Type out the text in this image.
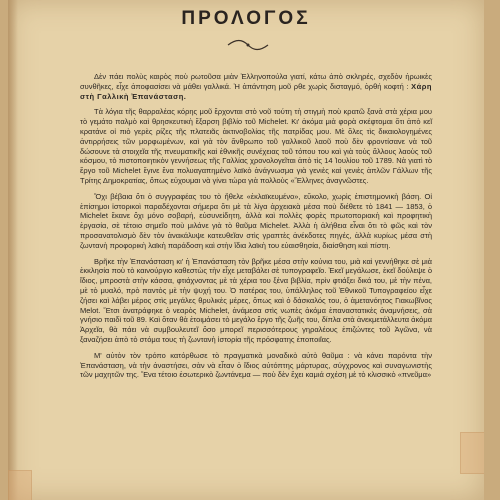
ΠΡΟΛΟΓΟΣ

Δὲν πάει πολὺς καιρὸς ποὺ ρωτοῦσα μιὰν Ἑλληνοπούλα γιατί, κάτω ἀπὸ σκληρές, σχεδὸν ἡρωικὲς συνθῆκες, εἶχε ἀποφασίσει νὰ μάθει γαλλικά. Ἡ ἀπάντηση μοῦ ρθε χωρὶς δισταγμό, ὀρθή κοφτή : Χάρη στὴ Γαλλικὴ Ἐπανάσταση.

Τὰ λόγια τῆς θαρραλέας κόρης μοῦ ἔρχονται στὸ νοῦ τούτη τὴ στιγμὴ ποὺ κρατῶ ξανὰ στὰ χέρια μου τὸ γεμάτο παλμὸ καὶ θρησκευτικὴ ἔξαρση βιβλίο τοῦ Michelet. Κι' ἀκόμα μιὰ φορὰ σκέφτομαι ὅτι ἀπὸ κεῖ κρατάνε οἱ πιὸ γερὲς ρίζες τῆς πλατειᾶς ἀκτινοβολίας τῆς πατρίδας μου. Μὲ ὅλες τὶς δικαιολογημένες ἀντιρρήσεις τῶν μορφωμένων, καὶ γιὰ τὸν ἄνθρωπο τοῦ γαλλικοῦ λαοῦ ποὺ δὲν φροντίσανε νὰ τοῦ δώσουνε τὰ στοιχεῖα τῆς πνευματικῆς καὶ ἐθνικῆς συνέχειας τοῦ τόπου του καὶ γιὰ τοὺς ἄλλους λαοὺς τοῦ κόσμου, τὸ πιστοποιητικὸν γεννήσεως τῆς Γαλλίας χρονολογεῖται ἀπὸ τὶς 14 Ἰουλίου τοῦ 1789. Νὰ γιατὶ τὸ ἔργο τοῦ Michelet ἔγινε ἕνα πολυαγαπημένο λαϊκὸ ἀνάγνωσμα γιὰ γενιὲς καὶ γενιὲς ἁπλῶν Γάλλων τῆς Τρίτης Δημοκρατίας, ὅπως εὐχουμαι νὰ γίνει τώρα γιὰ πολλοὺς «Ἕλληνες ἀναγνῶστες.

Ὄχι βέβαια ὅτι ὁ συγγραφέας του τὸ ἤθελε «ἐκλαϊκευμένο», εὔκολο, χωρὶς ἐπιστημονικὴ βάση. Οἱ ἐπίσημοι ἱστορικοὶ παραδέχονται σήμερα ὅτι μὲ τὰ λίγα ἀρχειακὰ μέσα ποὺ διέθετε τὸ 1841 — 1853, ὁ Michelet ἔκανε ὄχι μόνο σοβαρή, εὐσυνείδητη, ἀλλὰ καὶ πολλὲς φορὲς πρωτοποριακὴ καὶ προφητικὴ ἐργασία, σὲ τέτοιο σημεῖο ποὺ μιλάνε γιὰ τὸ θαῦμα Michelet. Ἀλλὰ ἡ ἀλήθεια εἶναι ὅτι τὸ φῶς καὶ τὸν προσανατολισμὸ δὲν τὸν ἀνακάλυψε κατευθεῖαν στὶς γραπτὲς ἀνέκδοτες πηγές, ἀλλὰ κυρίως μέσα στὴ ζωντανὴ προφορικὴ λαϊκὴ παράδοση καὶ στὴν ἴδια λαϊκὴ του εὐαισθησία, διαίσθηση καὶ πίστη.

Βρῆκε τὴν Ἐπανάσταση κι' ἡ Ἐπανάσταση τὸν βρῆκε μέσα στὴν κούνια του, μιὰ καὶ γεννήθηκε σὲ μιὰ ἐκκλησία ποὺ τὸ καινούργιο καθεστὼς τὴν εἶχε μεταβάλει σὲ τυπογραφεῖο. Ἐκεῖ μεγάλωσε, ἐκεῖ δούλεψε ὁ ἴδιος, μπροστὰ στὴν κάσσα, φτιάχνοντας μὲ τὰ χέρια του ξένα βιβλία, πρὶν φτιάξει δικά του, μὲ τὴν πένα, μὲ τὸ μυαλό, πρὸ παντὸς μὲ τὴν ψυχή του. Ὁ πατέρας του, ὑπάλληλος τοῦ Ἐθνικοῦ Τυπογραφείου εἶχε ζήσει καὶ λάβει μέρος στὶς μεγάλες θρυλικὲς μέρες, ὅπως καὶ ὁ δάσκαλός του, ὁ ἀμετανόητος Γιακωβῖνος Melot. Ἔτσι ἀνατράφηκε ὁ νεαρὸς Michelet, ἀνάμεσα στὶς νωπὲς ἀκόμα ἐπαναστατικὲς ἀναμνήσεις, σὰ γνήσιο παιδὶ τοῦ 89. Καὶ ὅταν θὰ ἑτοιμάσει τὸ μεγάλο ἔργο τῆς ζωῆς του, δίπλα στὰ ἀνεκμετάλλευτα ἀκόμα Ἀρχεῖα, θὰ πάει νὰ συμβουλευτεῖ ὅσο μπορεῖ περισσότερους γηραλέους ἐπιζώντες τοῦ Ἀγῶνα, νὰ ξαναζήσει ἀπὸ τὸ στόμα τους τὴ ζωντανὴ ἱστορία τῆς πρόσφατης ἐποποιΐας.

Μ' αὐτὸν τὸν τρόπο κατόρθωσε τὸ πραγματικὰ μοναδικὸ αὐτὸ θαῦμα : νὰ κάνει παρόντα τὴν Ἐπανάσταση, νὰ τὴν ἀναστήσει, σὰν νὰ εἶταν ὁ ἴδιος αὐτόπτης μάρτυρας, σύγχρονος καὶ συναγωνιστὴς τῶν μαχητῶν της. Ἕνα τέτοιο ἐσωτερικὸ ζωντάνεμα — ποὺ δὲν ἔχει καμιά σχέση μὲ τὸ κλισσικὸ «πνεῦμα»
